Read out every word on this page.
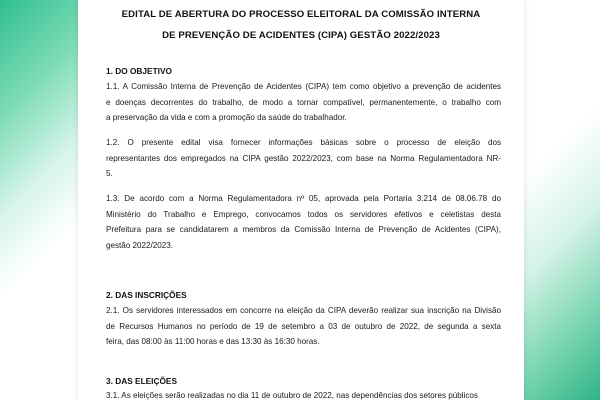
EDITAL DE ABERTURA DO PROCESSO ELEITORAL DA COMISSÃO INTERNA
DE PREVENÇÃO DE ACIDENTES (CIPA) GESTÃO 2022/2023
1. DO OBJETIVO
1.1. A Comissão Interna de Prevenção de Acidentes (CIPA) tem como objetivo a prevenção de acidentes
e doenças decorrentes do trabalho, de modo a tornar compatível, permanentemente, o trabalho com
a preservação da vida e com a promoção da saúde do trabalhador.
1.2. O presente edital visa fornecer informações básicas sobre o processo de eleição dos
representantes dos empregados na CIPA gestão 2022/2023, com base na Norma Regulamentadora NR-
5.
1.3. De acordo com a Norma Regulamentadora nº 05, aprovada pela Portaria 3.214 de 08.06.78 do
Ministério do Trabalho e Emprego, convocamos todos os servidores efetivos e celetistas desta
Prefeitura para se candidatarem a membros da Comissão Interna de Prevenção de Acidentes (CIPA),
gestão 2022/2023.
2. DAS INSCRIÇÕES
2.1. Os servidores interessados em concorre na eleição da CIPA deverão realizar sua inscrição na Divisão
de Recursos Humanos no período de 19 de setembro a 03 de outubro de 2022, de segunda a sexta
feira, das 08:00 às 11:00 horas e das 13:30 às 16:30 horas.
3. DAS ELEIÇÕES
3.1. As eleições serão realizadas no dia 11 de outubro de 2022, nas dependências dos setores públicos
